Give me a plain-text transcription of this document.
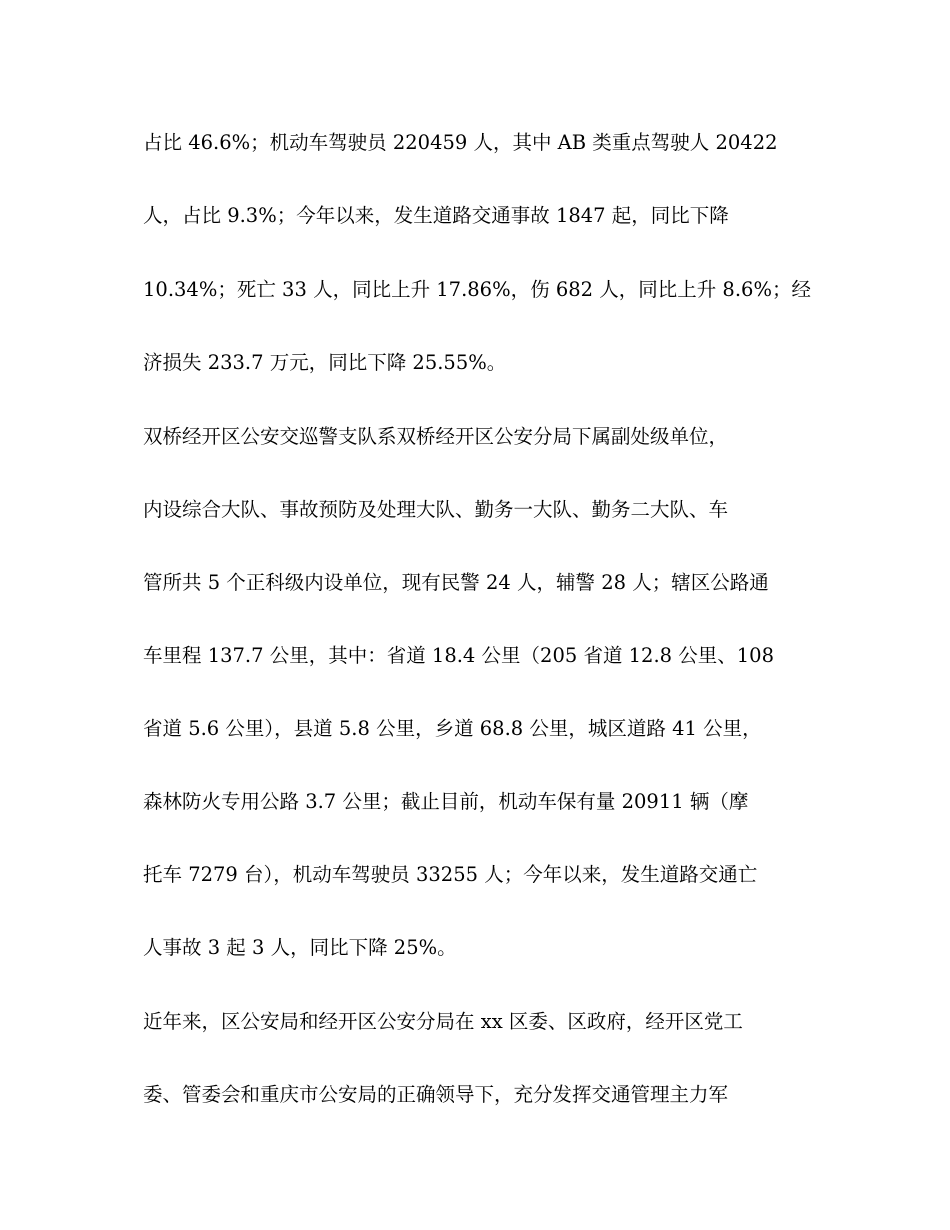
占比 46.6%；机动车驾驶员 220459 人，其中 AB 类重点驾驶人 20422
人，占比 9.3%；今年以来，发生道路交通事故 1847 起，同比下降
10.34%；死亡 33 人，同比上升 17.86%，伤 682 人，同比上升 8.6%；经
济损失 233.7 万元，同比下降 25.55%。
双桥经开区公安交巡警支队系双桥经开区公安分局下属副处级单位，
内设综合大队、事故预防及处理大队、勤务一大队、勤务二大队、车
管所共 5 个正科级内设单位，现有民警 24 人，辅警 28 人；辖区公路通
车里程 137.7 公里，其中：省道 18.4 公里（205 省道 12.8 公里、108
省道 5.6 公里），县道 5.8 公里，乡道 68.8 公里，城区道路 41 公里，
森林防火专用公路 3.7 公里；截止目前，机动车保有量 20911 辆（摩
托车 7279 台），机动车驾驶员 33255 人；今年以来，发生道路交通亡
人事故 3 起 3 人，同比下降 25%。
近年来，区公安局和经开区公安分局在 xx 区委、区政府，经开区党工
委、管委会和重庆市公安局的正确领导下，充分发挥交通管理主力军
